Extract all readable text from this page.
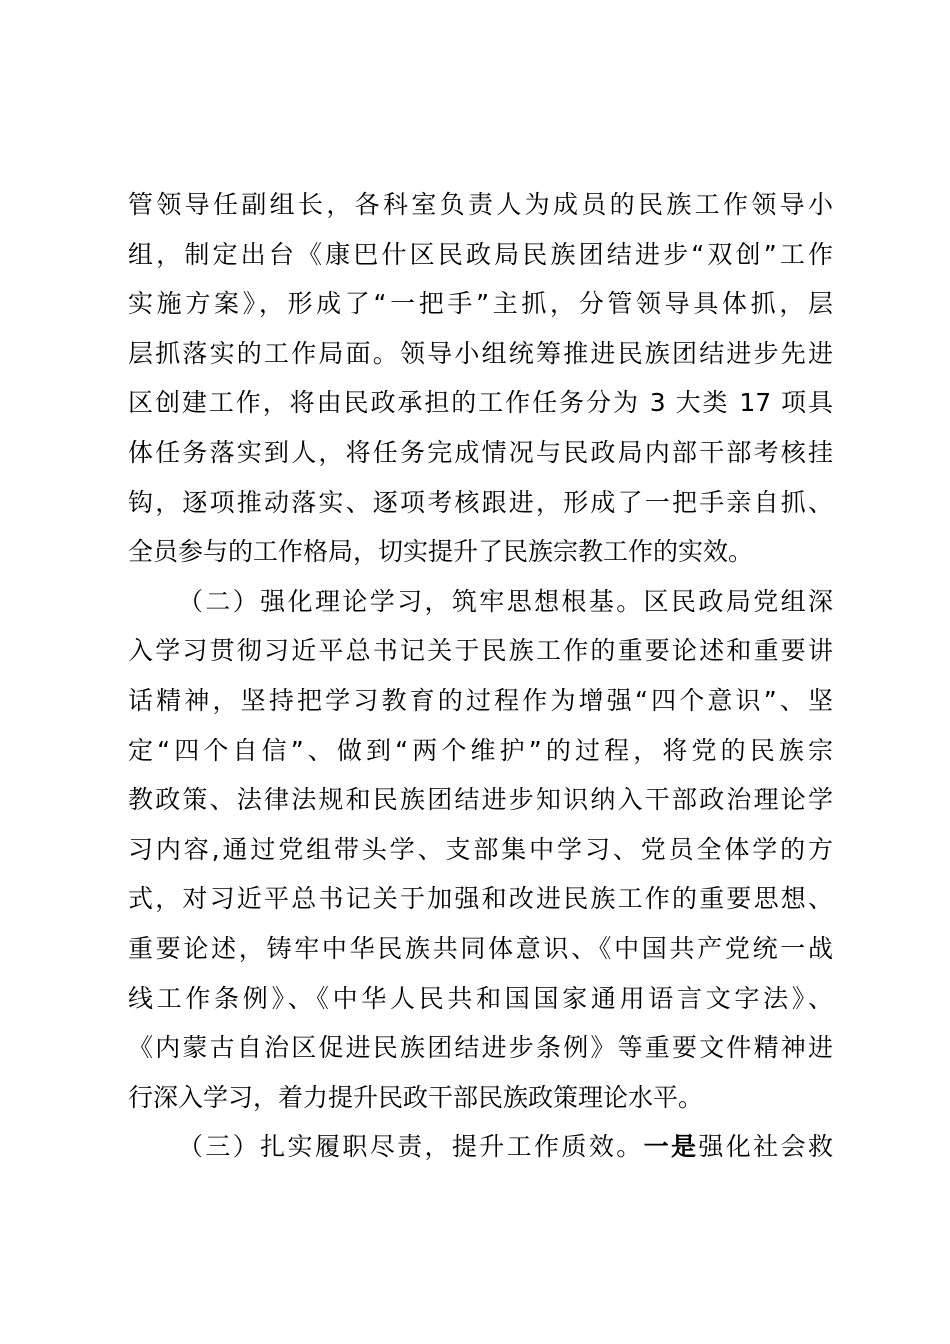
管领导任副组长，各科室负责人为成员的民族工作领导小
组，制定出台《康巴什区民政局民族团结进步“双创”工作
实施方案》，形成了“一把手”主抓，分管领导具体抓，层
层抓落实的工作局面。领导小组统筹推进民族团结进步先进
区创建工作，将由民政承担的工作任务分为 3 大类 17 项具
体任务落实到人，将任务完成情况与民政局内部干部考核挂
钩，逐项推动落实、逐项考核跟进，形成了一把手亲自抓、
全员参与的工作格局，切实提升了民族宗教工作的实效。
（二）强化理论学习，筑牢思想根基。区民政局党组深
入学习贯彻习近平总书记关于民族工作的重要论述和重要讲
话精神，坚持把学习教育的过程作为增强“四个意识”、坚
定“四个自信”、做到“两个维护”的过程，将党的民族宗
教政策、法律法规和民族团结进步知识纳入干部政治理论学
习内容,通过党组带头学、支部集中学习、党员全体学的方
式，对习近平总书记关于加强和改进民族工作的重要思想、
重要论述，铸牢中华民族共同体意识、《中国共产党统一战
线工作条例》、《中华人民共和国国家通用语言文字法》、
《内蒙古自治区促进民族团结进步条例》等重要文件精神进
行深入学习，着力提升民政干部民族政策理论水平。
（三）扎实履职尽责，提升工作质效。一是强化社会救
